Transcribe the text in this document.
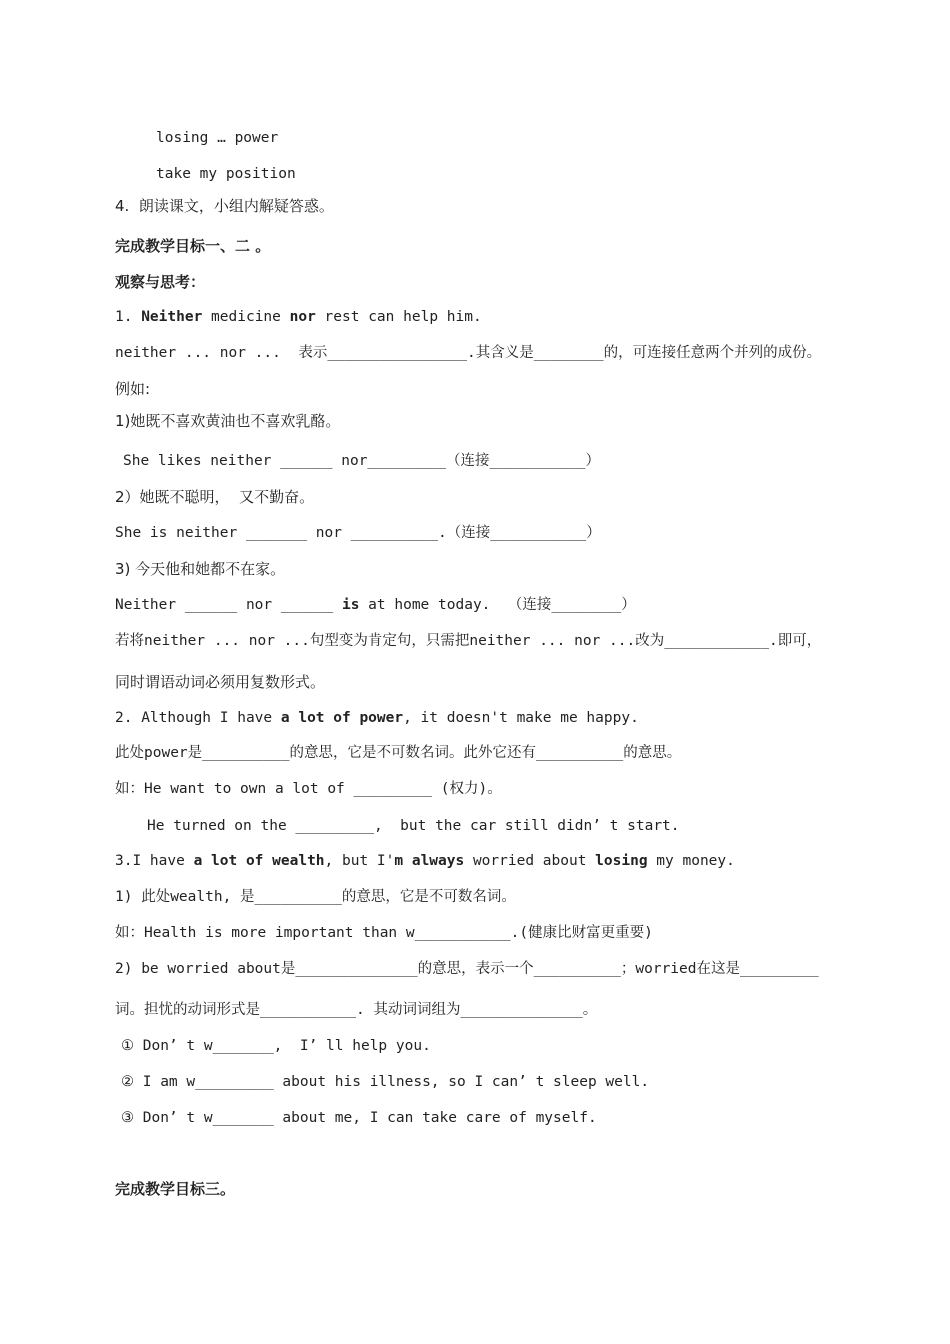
losing … power
take my position
4.  朗读课文，小组内解疑答惑。
完成教学目标一、二 。
观察与思考：
1. Neither medicine nor rest can help him.
neither ... nor ...  表示________________.其含义是________的，可连接任意两个并列的成份。
例如:
1)她既不喜欢黄油也不喜欢乳酪。
She likes neither ______ nor_________（连接___________）
2）她既不聪明，  又不勤奋。
She is neither _______ nor __________.（连接___________）
3) 今天他和她都不在家。
Neither ______ nor ______ is at home today.  （连接________）
若将neither ... nor ...句型变为肯定句，只需把neither ... nor ...改为____________.即可，
同时谓语动词必须用复数形式。
2. Although I have a lot of power, it doesn't make me happy.
此处power是__________的意思，它是不可数名词。此外它还有__________的意思。
如：He want to own a lot of _________ (权力)。
He turned on the _________,  but the car still didn’ t start.
3.I have a lot of wealth, but I'm always worried about losing my money.
1) 此处wealth, 是__________的意思，它是不可数名词。
如：Health is more important than w___________.(健康比财富更重要)
2) be worried about是______________的意思，表示一个__________；worried在这是_________
词。担忧的动词形式是___________. 其动词词组为______________。
① Don’ t w_______,  I’ ll help you.
② I am w_________ about his illness, so I can’ t sleep well.
③ Don’ t w_______ about me, I can take care of myself.
完成教学目标三。
